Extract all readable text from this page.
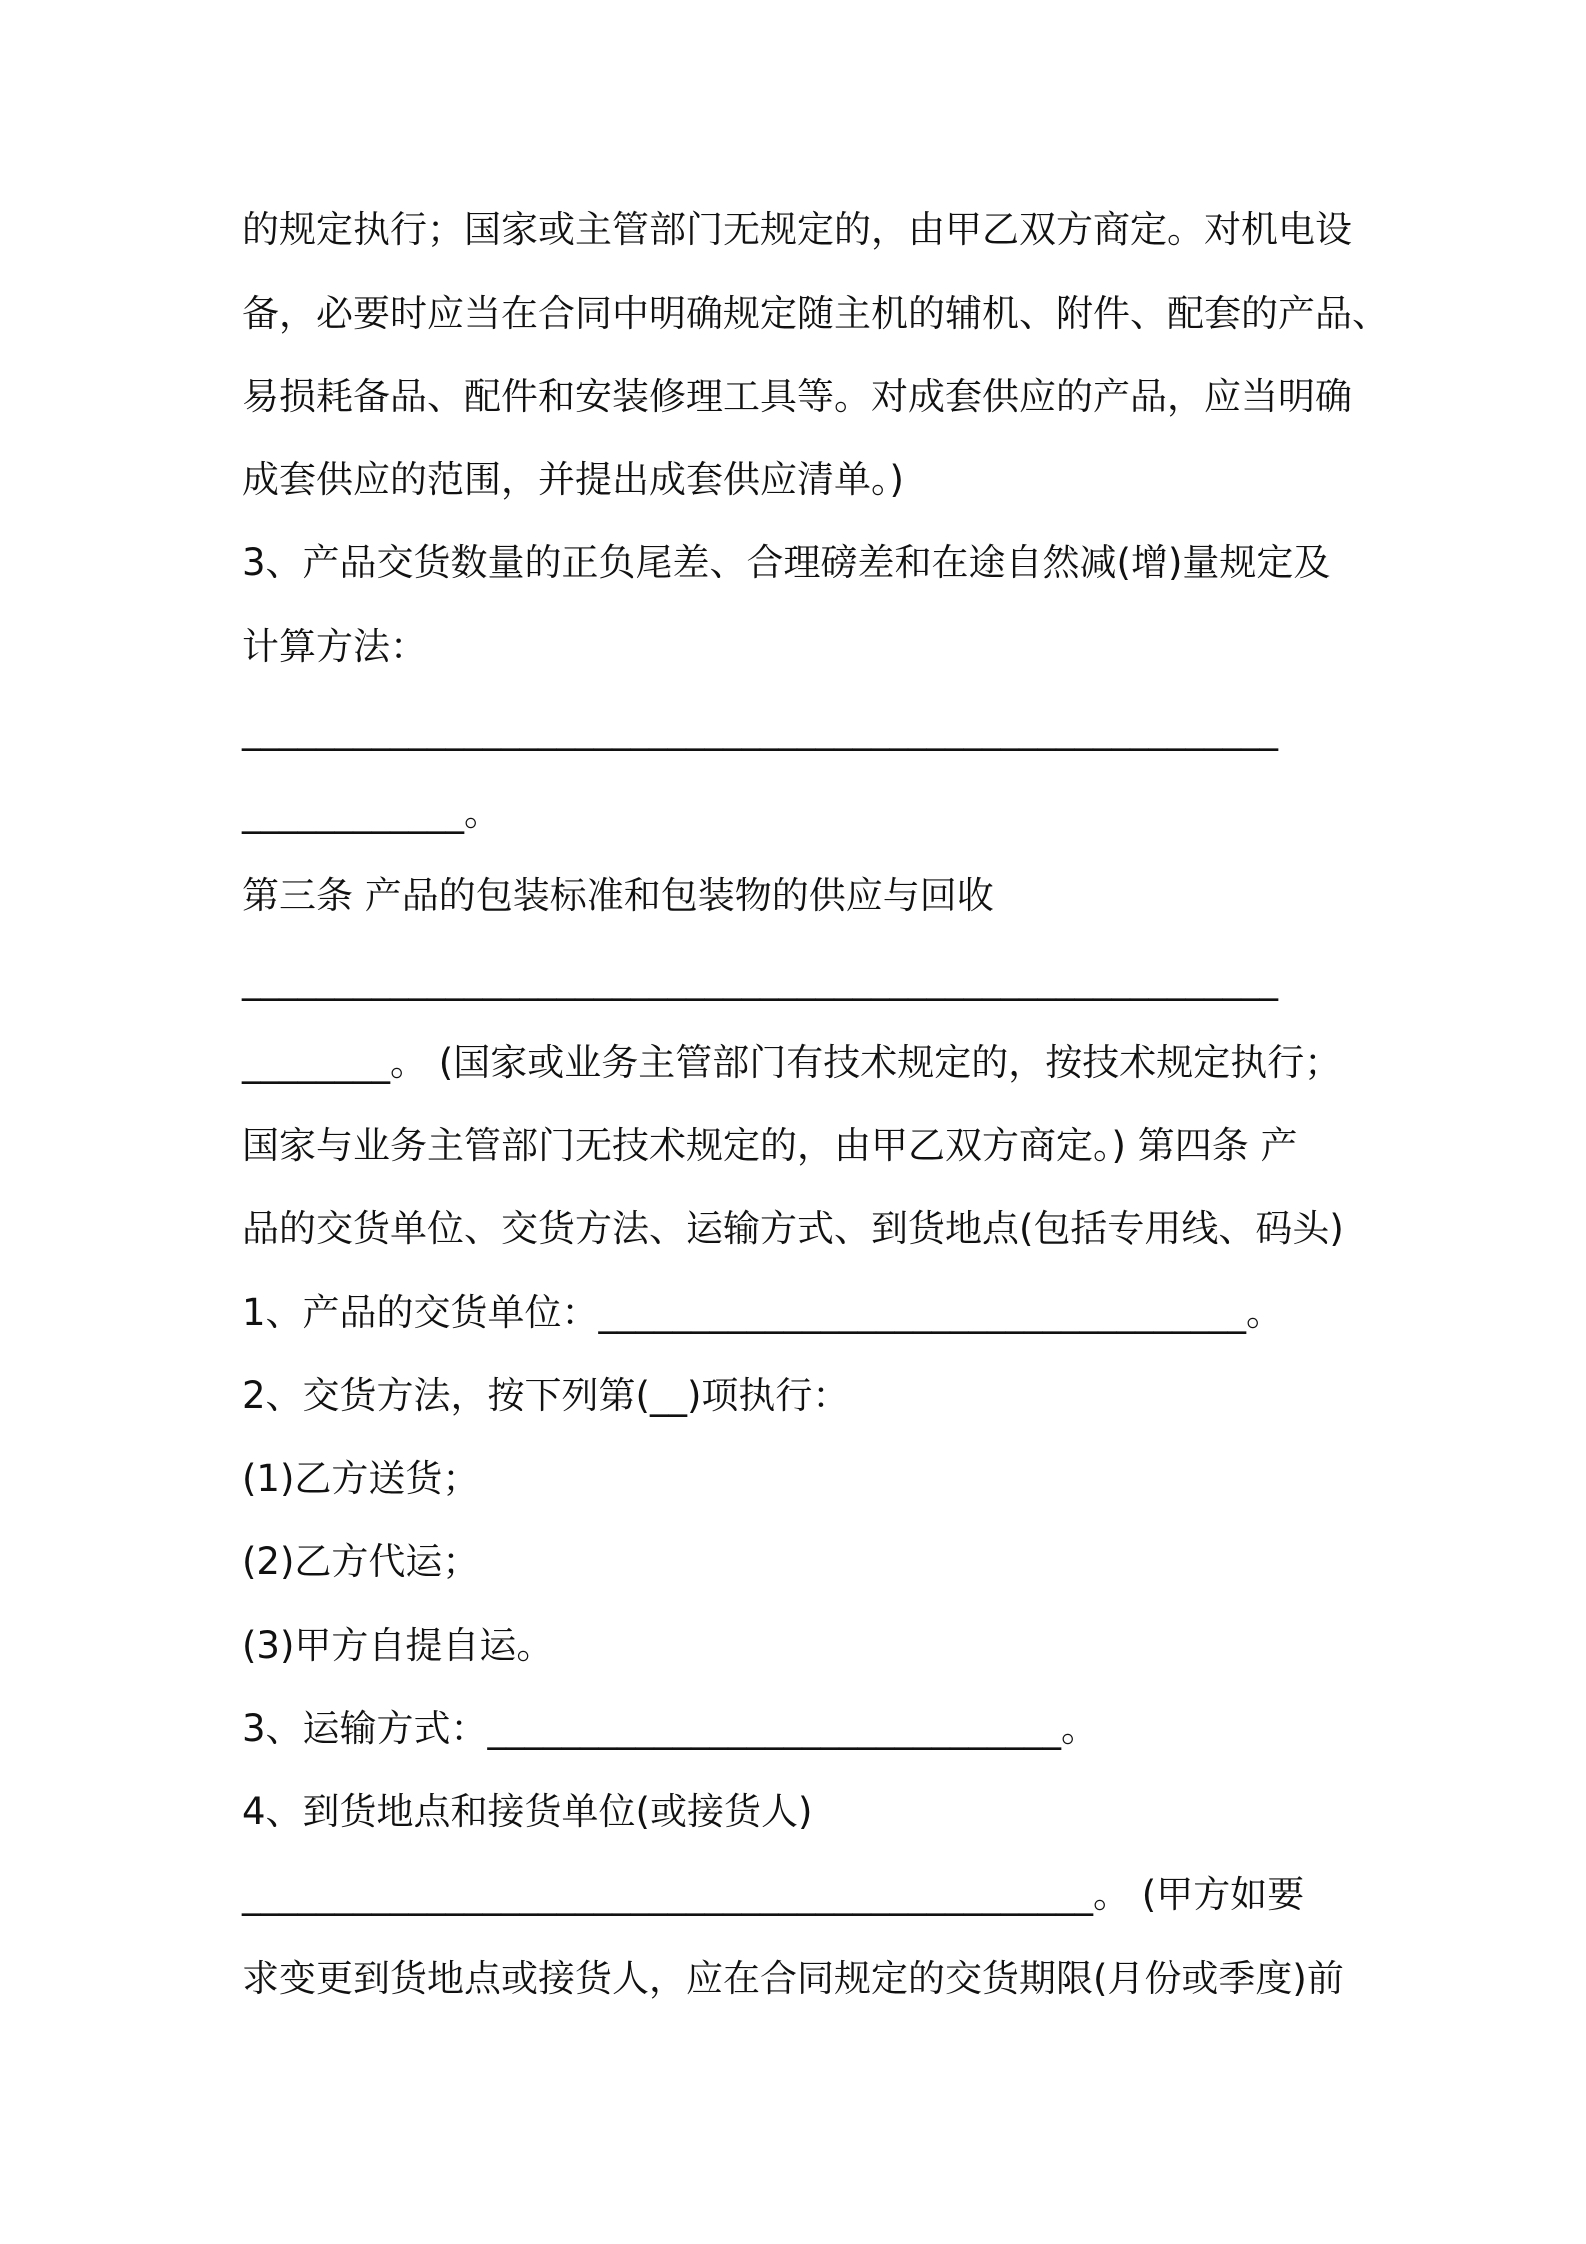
的规定执行；国家或主管部门无规定的，由甲乙双方商定。对机电设
备，必要时应当在合同中明确规定随主机的辅机、附件、配套的产品、
易损耗备品、配件和安装修理工具等。对成套供应的产品，应当明确
成套供应的范围，并提出成套供应清单。)
3、产品交货数量的正负尾差、合理磅差和在途自然减(增)量规定及
计算方法：
________________________________________________________
____________。
第三条 产品的包装标准和包装物的供应与回收
________________________________________________________
________。 (国家或业务主管部门有技术规定的，按技术规定执行；
国家与业务主管部门无技术规定的，由甲乙双方商定。) 第四条 产
品的交货单位、交货方法、运输方式、到货地点(包括专用线、码头)
1、产品的交货单位：___________________________________。
2、交货方法，按下列第(__)项执行：
(1)乙方送货；
(2)乙方代运；
(3)甲方自提自运。
3、运输方式：_______________________________。
4、到货地点和接货单位(或接货人)
______________________________________________。 (甲方如要
求变更到货地点或接货人，应在合同规定的交货期限(月份或季度)前
